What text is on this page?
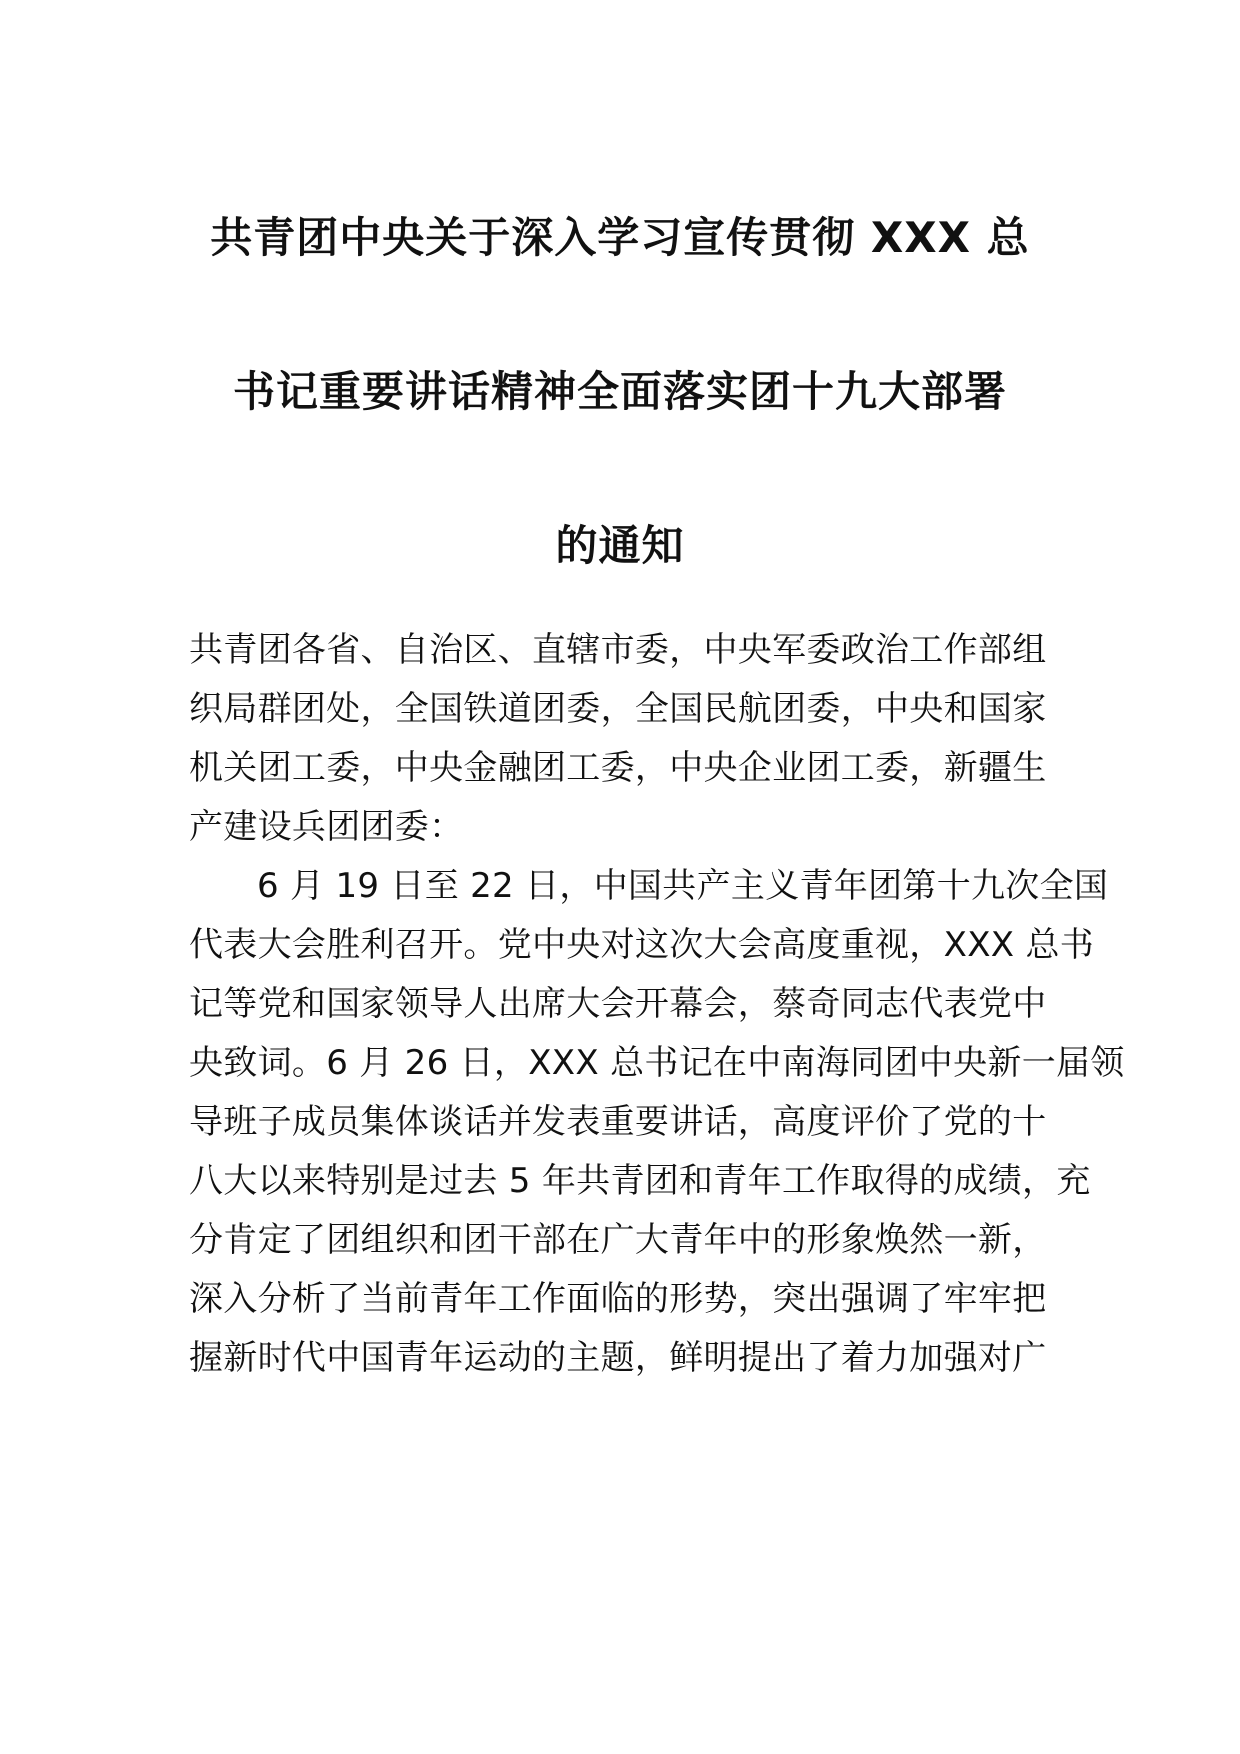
共青团中央关于深入学习宣传贯彻 XXX 总
书记重要讲话精神全面落实团十九大部署
的通知

共青团各省、自治区、直辖市委，中央军委政治工作部组

织局群团处，全国铁道团委，全国民航团委，中央和国家

机关团工委，中央金融团工委，中央企业团工委，新疆生

产建设兵团团委：

6 月 19 日至 22 日，中国共产主义青年团第十九次全国

代表大会胜利召开。党中央对这次大会高度重视，XXX 总书

记等党和国家领导人出席大会开幕会，蔡奇同志代表党中

央致词。6 月 26 日，XXX 总书记在中南海同团中央新一届领

导班子成员集体谈话并发表重要讲话，高度评价了党的十

八大以来特别是过去 5 年共青团和青年工作取得的成绩，充

分肯定了团组织和团干部在广大青年中的形象焕然一新，

深入分析了当前青年工作面临的形势，突出强调了牢牢把

握新时代中国青年运动的主题，鲜明提出了着力加强对广
